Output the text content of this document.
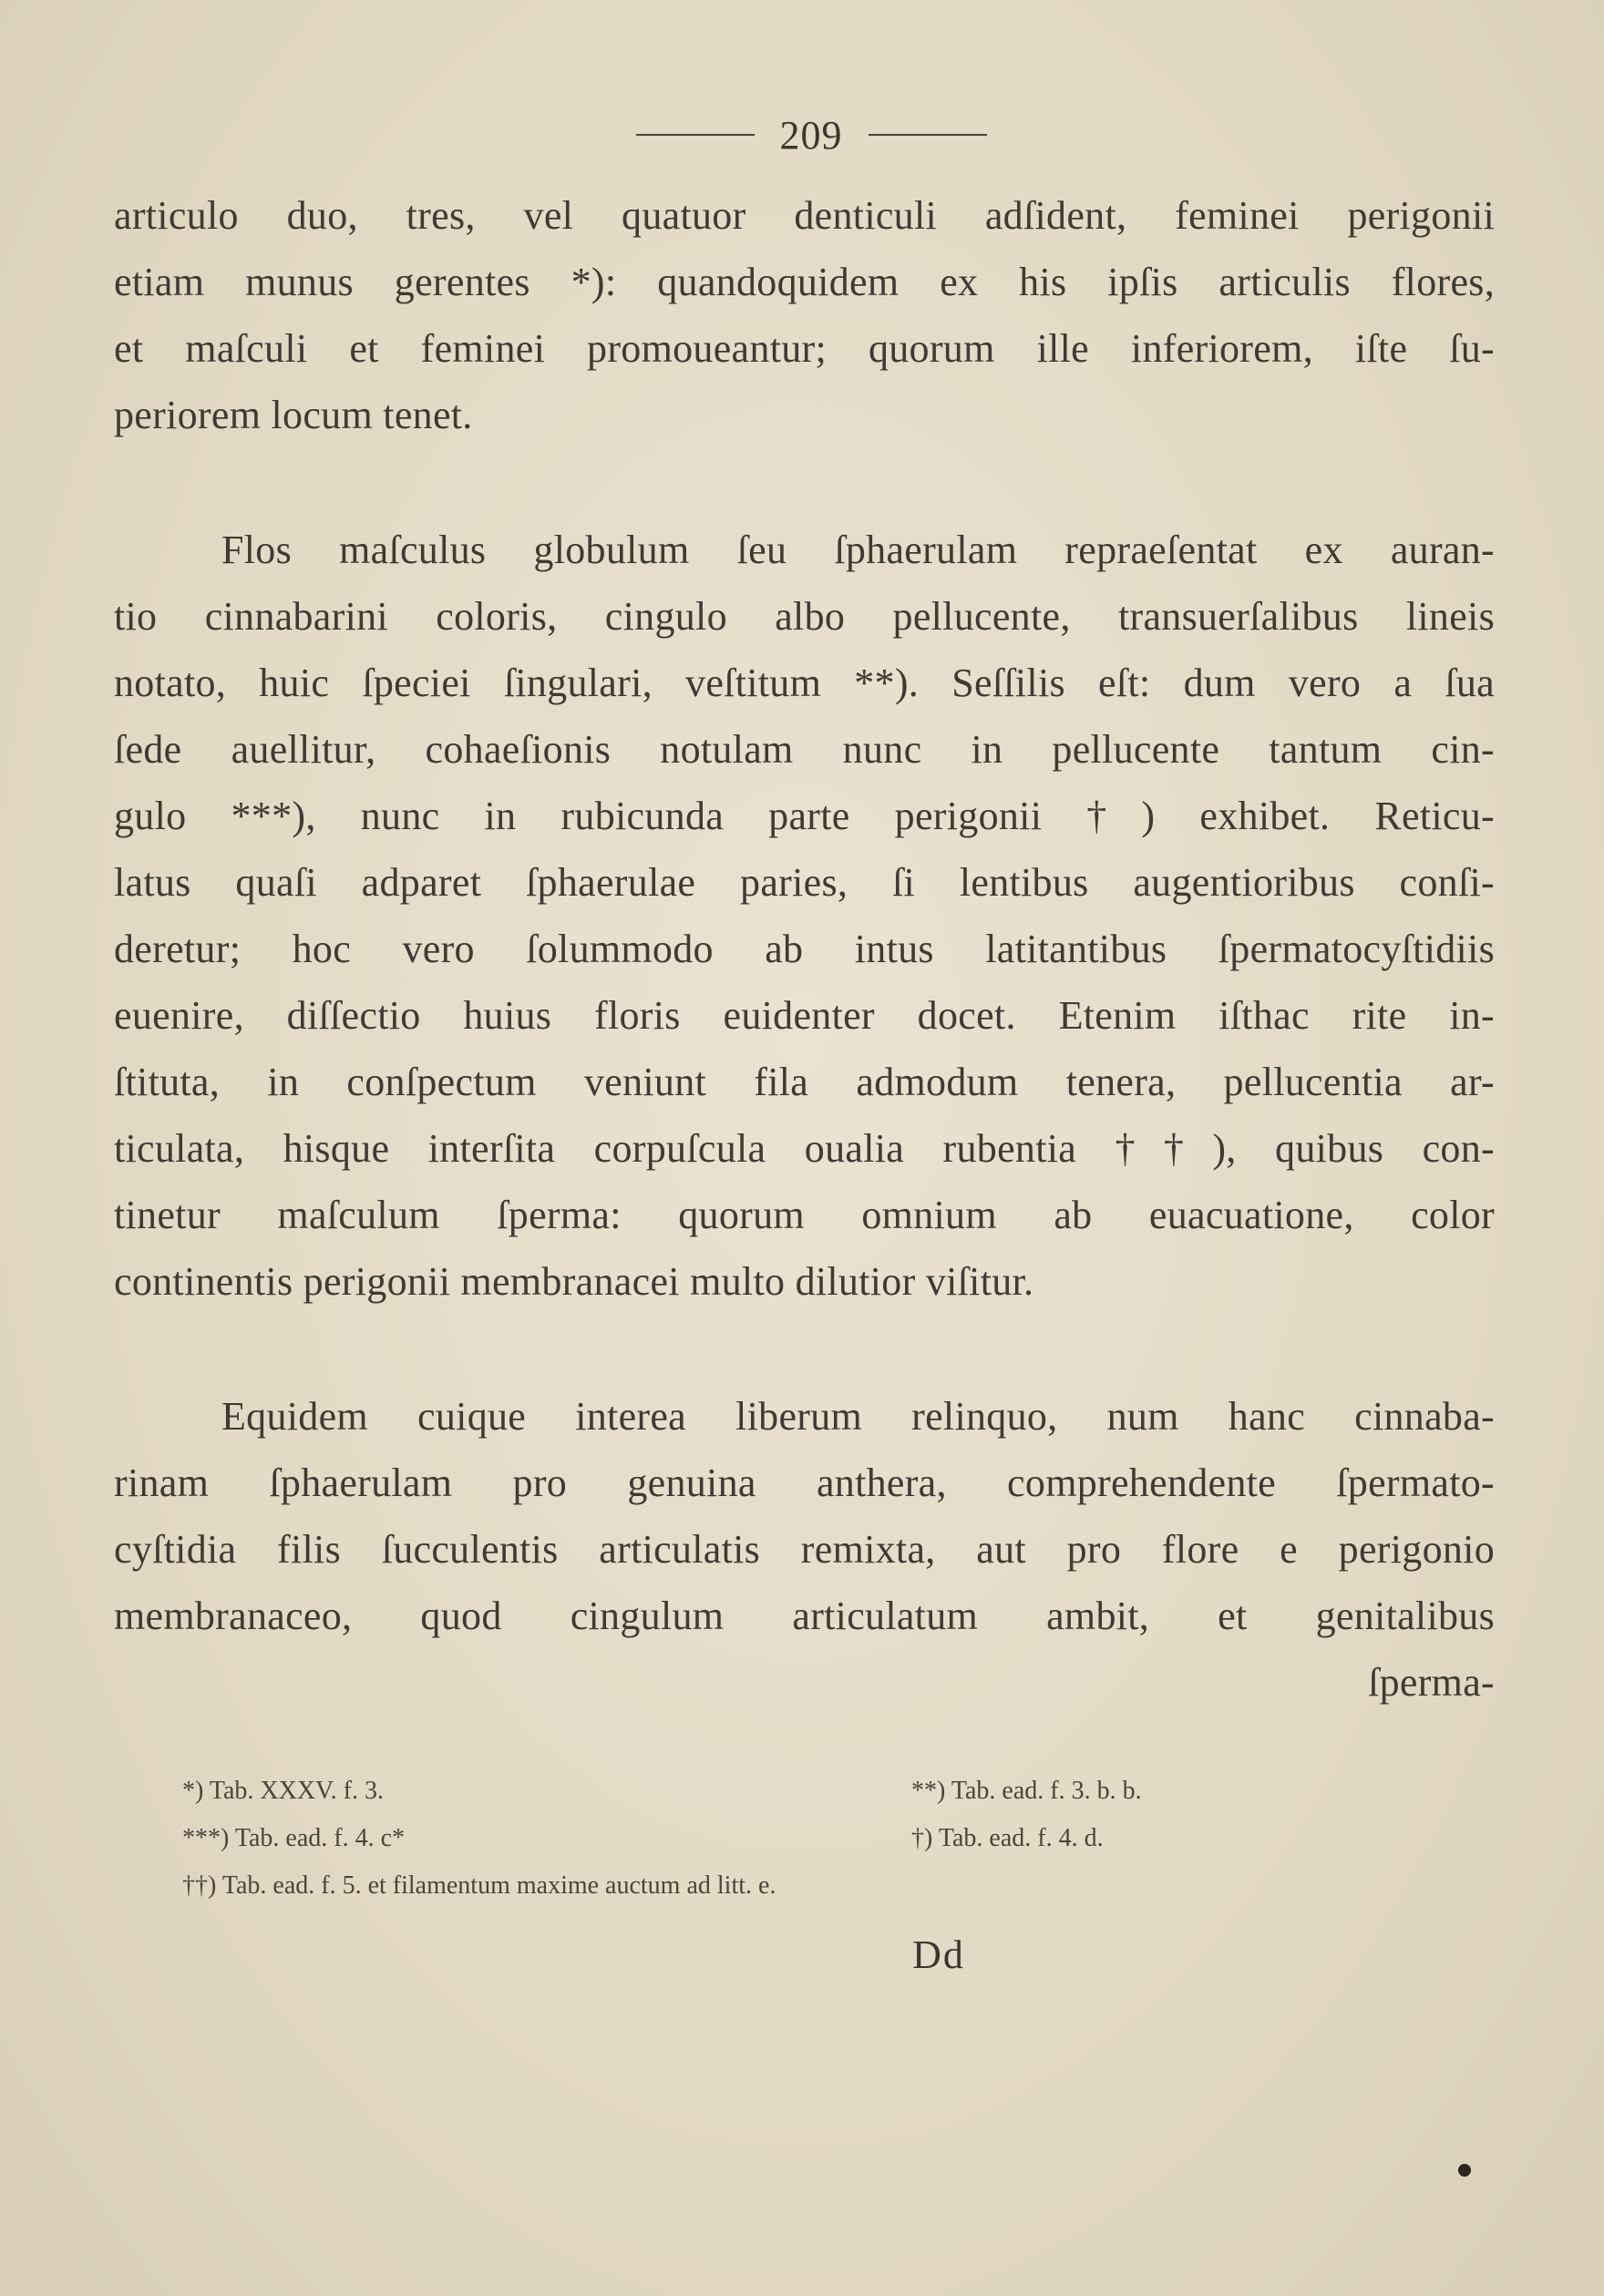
209
articulo duo, tres, vel quatuor denticuli adſident, feminei perigonii
etiam munus gerentes *): quandoquidem ex his ipſis articulis flores,
et maſculi et feminei promoueantur; quorum ille inferiorem, iſte ſu-
periorem locum tenet.
Flos maſculus globulum ſeu ſphaerulam repraeſentat ex auran-
tio cinnabarini coloris, cingulo albo pellucente, transuerſalibus lineis
notato, huic ſpeciei ſingulari, veſtitum **). Seſſilis eſt: dum vero a ſua
ſede auellitur, cohaeſionis notulam nunc in pellucente tantum cin-
gulo ***), nunc in rubicunda parte perigonii †) exhibet. Reticu-
latus quaſi adparet ſphaerulae paries, ſi lentibus augentioribus conſi-
deretur; hoc vero ſolummodo ab intus latitantibus ſpermatocyſtidiis
euenire, diſſectio huius floris euidenter docet. Etenim iſthac rite in-
ſtituta, in conſpectum veniunt fila admodum tenera, pellucentia ar-
ticulata, hisque interſita corpuſcula oualia rubentia ††), quibus con-
tinetur maſculum ſperma: quorum omnium ab euacuatione, color
continentis perigonii membranacei multo dilutior viſitur.
Equidem cuique interea liberum relinquo, num hanc cinnaba-
rinam ſphaerulam pro genuina anthera, comprehendente ſpermato-
cyſtidia filis ſucculentis articulatis remixta, aut pro flore e perigonio
membranaceo, quod cingulum articulatum ambit, et genitalibus
ſperma-
*) Tab. XXXV. f. 3.	**) Tab. ead. f. 3. b. b.
***) Tab. ead. f. 4. c*	†) Tab. ead. f. 4. d.
††) Tab. ead. f. 5. et filamentum maxime auctum ad litt. e.
Dd
